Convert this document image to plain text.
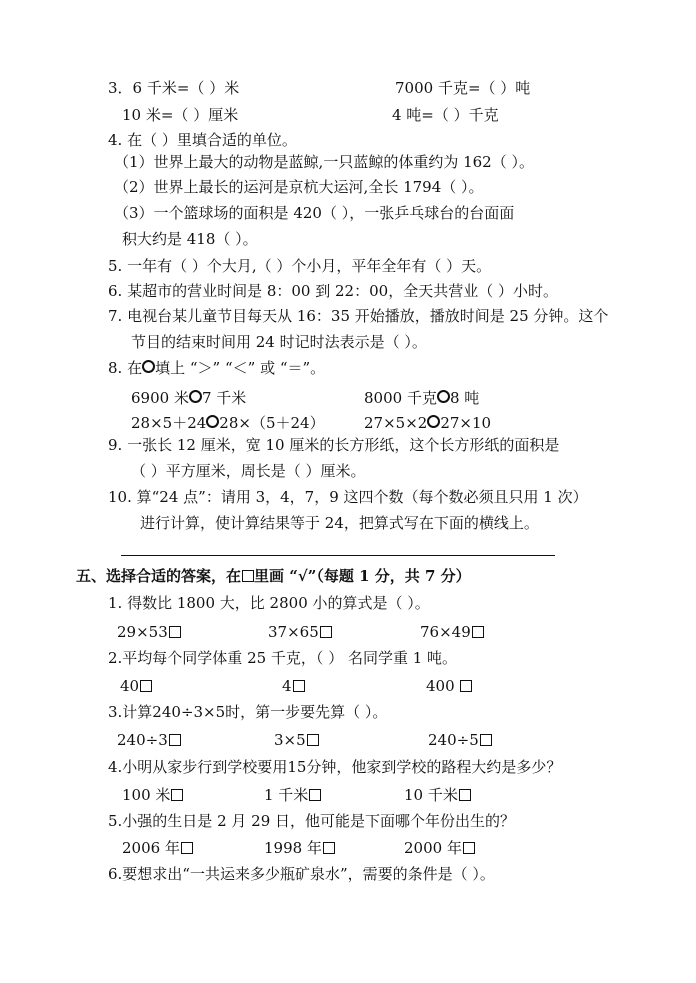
3．6 千米=（ ）米	7000 千克=（ ）吨
10 米=（ ）厘米	4 吨=（ ）千克
4. 在（ ）里填合适的单位。
（1）世界上最大的动物是蓝鲸,一只蓝鲸的体重约为 162（ ）。
（2）世界上最长的运河是京杭大运河,全长 1794（ ）。
（3）一个篮球场的面积是 420（ ），一张乒乓球台的台面面
积大约是 418（ ）。
5. 一年有（ ）个大月,（ ）个小月，平年全年有（ ）天。
6. 某超市的营业时间是 8：00 到 22：00，全天共营业（ ）小时。
7. 电视台某儿童节目每天从 16：35 开始播放，播放时间是 25 分钟。这个
节目的结束时间用 24 时记时法表示是（ ）。
8. 在 填上 “＞” “＜” 或 “＝”。
6900 米 7 千米	8000 千克 8 吨
28×5＋24 28×（5＋24）	27×5×2 27×10
9. 一张长 12 厘米，宽 10 厘米的长方形纸，这个长方形纸的面积是
（ ）平方厘米，周长是（ ）厘米。
10. 算“24 点”：请用 3，4，7，9 这四个数（每个数必须且只用 1 次）
进行计算，使计算结果等于 24，把算式写在下面的横线上。
五、选择合适的答案，在 里画 “√”（每题 1 分，共 7 分）
1. 得数比 1800 大，比 2800 小的算式是（ ）。
29×53	37×65	76×49
2.平均每个同学体重 25 千克，（ ） 名同学重 1 吨。
40	4	400
3.计算240÷3×5时，第一步要先算（ ）。
240÷3	3×5	240÷5
4.小明从家步行到学校要用15分钟，他家到学校的路程大约是多少？
100 米	1 千米	10 千米
5.小强的生日是 2 月 29 日，他可能是下面哪个年份出生的？
2006 年	1998 年	2000 年
6.要想求出“一共运来多少瓶矿泉水”，需要的条件是（ ）。
